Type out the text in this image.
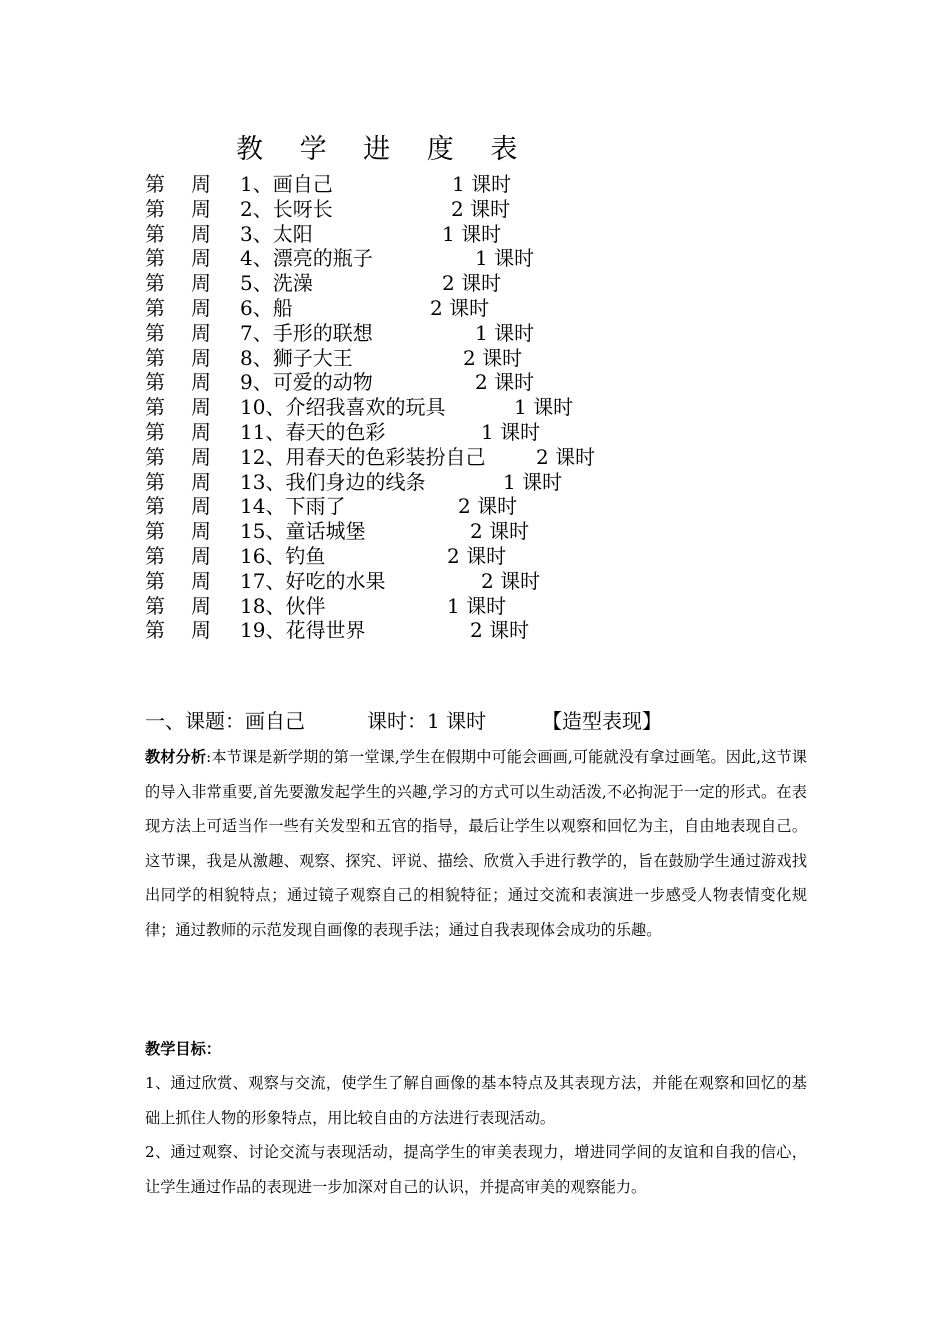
教 学 进 度 表
第 周 1、画自己	1 课时
第 周 2、长呀长	2 课时
第 周 3、太阳	1 课时
第 周 4、漂亮的瓶子	1 课时
第 周 5、洗澡	2 课时
第 周 6、船	2 课时
第 周 7、手形的联想	1 课时
第 周 8、狮子大王	2 课时
第 周 9、可爱的动物	2 课时
第 周 10、介绍我喜欢的玩具	1 课时
第 周 11、春天的色彩	1 课时
第 周 12、用春天的色彩装扮自己	2 课时
第 周 13、我们身边的线条	1 课时
第 周 14、下雨了	2 课时
第 周 15、童话城堡	2 课时
第 周 16、钓鱼	2 课时
第 周 17、好吃的水果	2 课时
第 周 18、伙伴	1 课时
第 周 19、花得世界	2 课时
一、课题：画自己	课时：1 课时	【造型表现】
教材分析:本节课是新学期的第一堂课,学生在假期中可能会画画,可能就没有拿过画笔。因此,这节课的导入非常重要,首先要激发起学生的兴趣,学习的方式可以生动活泼,不必拘泥于一定的形式。在表现方法上可适当作一些有关发型和五官的指导，最后让学生以观察和回忆为主，自由地表现自己。这节课，我是从激趣、观察、探究、评说、描绘、欣赏入手进行教学的，旨在鼓励学生通过游戏找出同学的相貌特点；通过镜子观察自己的相貌特征；通过交流和表演进一步感受人物表情变化规律；通过教师的示范发现自画像的表现手法；通过自我表现体会成功的乐趣。
教学目标：

1、通过欣赏、观察与交流，使学生了解自画像的基本特点及其表现方法，并能在观察和回忆的基础上抓住人物的形象特点，用比较自由的方法进行表现活动。

2、通过观察、讨论交流与表现活动，提高学生的审美表现力，增进同学间的友谊和自我的信心，让学生通过作品的表现进一步加深对自己的认识，并提高审美的观察能力。
